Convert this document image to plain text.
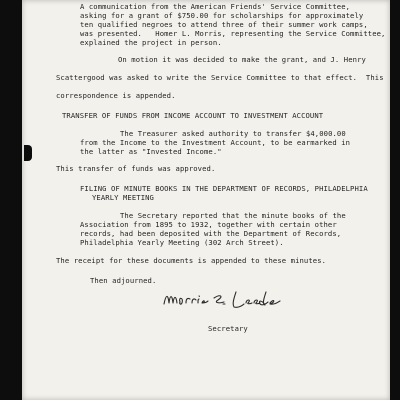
A communication from the American Friends' Service Committee,
asking for a grant of $750.00 for scholarships for approximately
ten qualified negroes to attend three of their summer work camps,
was presented.   Homer L. Morris, representing the Service Committee,
explained the project in person.
On motion it was decided to make the grant, and J. Henry
Scattergood was asked to write the Service Committee to that effect.  This
correspondence is appended.
TRANSFER OF FUNDS FROM INCOME ACCOUNT TO INVESTMENT ACCOUNT
The Treasurer asked authority to transfer $4,000.00
from the Income to the Investment Account, to be earmarked in
the latter as "Invested Income."
This transfer of funds was approved.
FILING OF MINUTE BOOKS IN THE DEPARTMENT OF RECORDS, PHILADELPHIA
YEARLY MEETING
The Secretary reported that the minute books of the
Association from 1895 to 1932, together with certain other
records, had been deposited with the Department of Records,
Philadelphia Yearly Meeting (302 Arch Street).
The receipt for these documents is appended to these minutes.
Then adjourned.
Secretary
